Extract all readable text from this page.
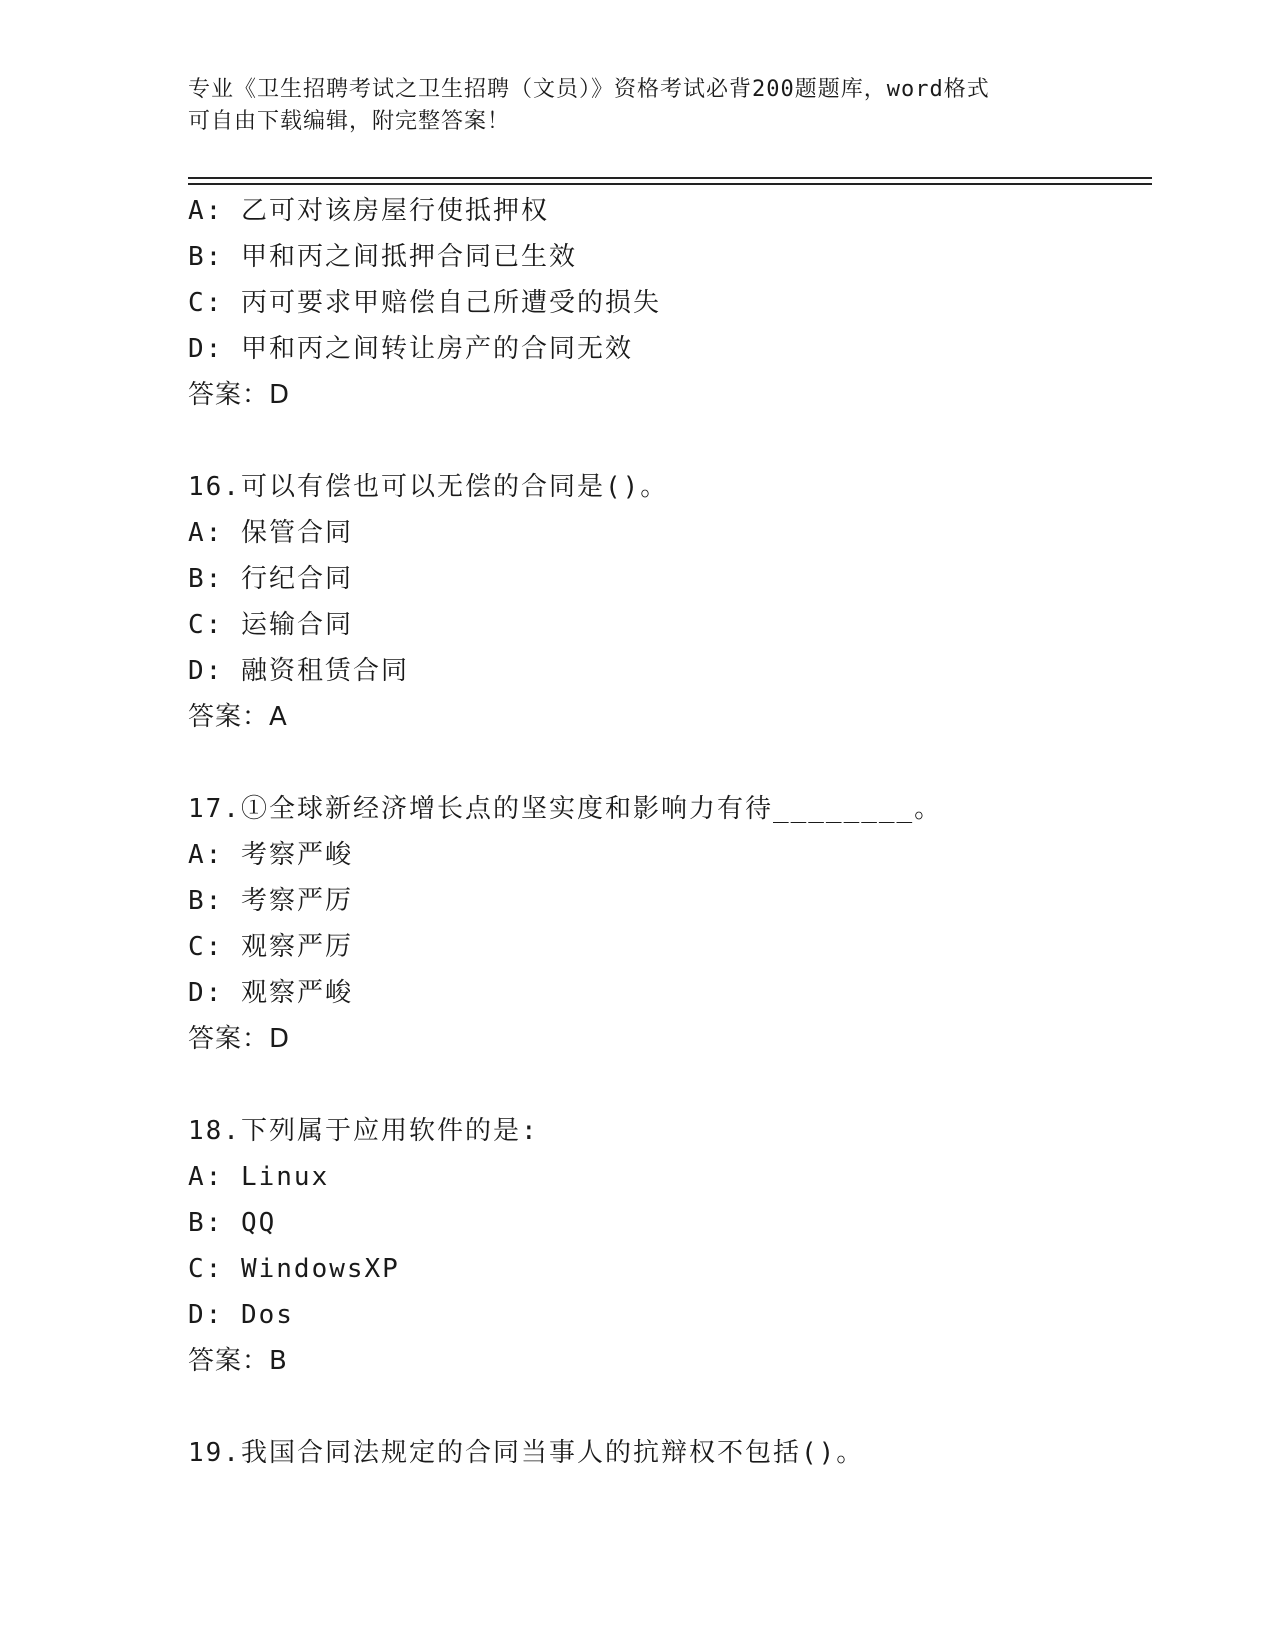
专业《卫生招聘考试之卫生招聘（文员）》资格考试必背200题题库，word格式
可自由下载编辑，附完整答案！
A: 乙可对该房屋行使抵押权
B: 甲和丙之间抵押合同已生效
C: 丙可要求甲赔偿自己所遭受的损失
D: 甲和丙之间转让房产的合同无效
答案：D
16.可以有偿也可以无偿的合同是()。
A: 保管合同
B: 行纪合同
C: 运输合同
D: 融资租赁合同
答案：A
17.①全球新经济增长点的坚实度和影响力有待________。
A: 考察严峻
B: 考察严厉
C: 观察严厉
D: 观察严峻
答案：D
18.下列属于应用软件的是:
A: Linux
B: QQ
C: WindowsXP
D: Dos
答案：B
19.我国合同法规定的合同当事人的抗辩权不包括()。
